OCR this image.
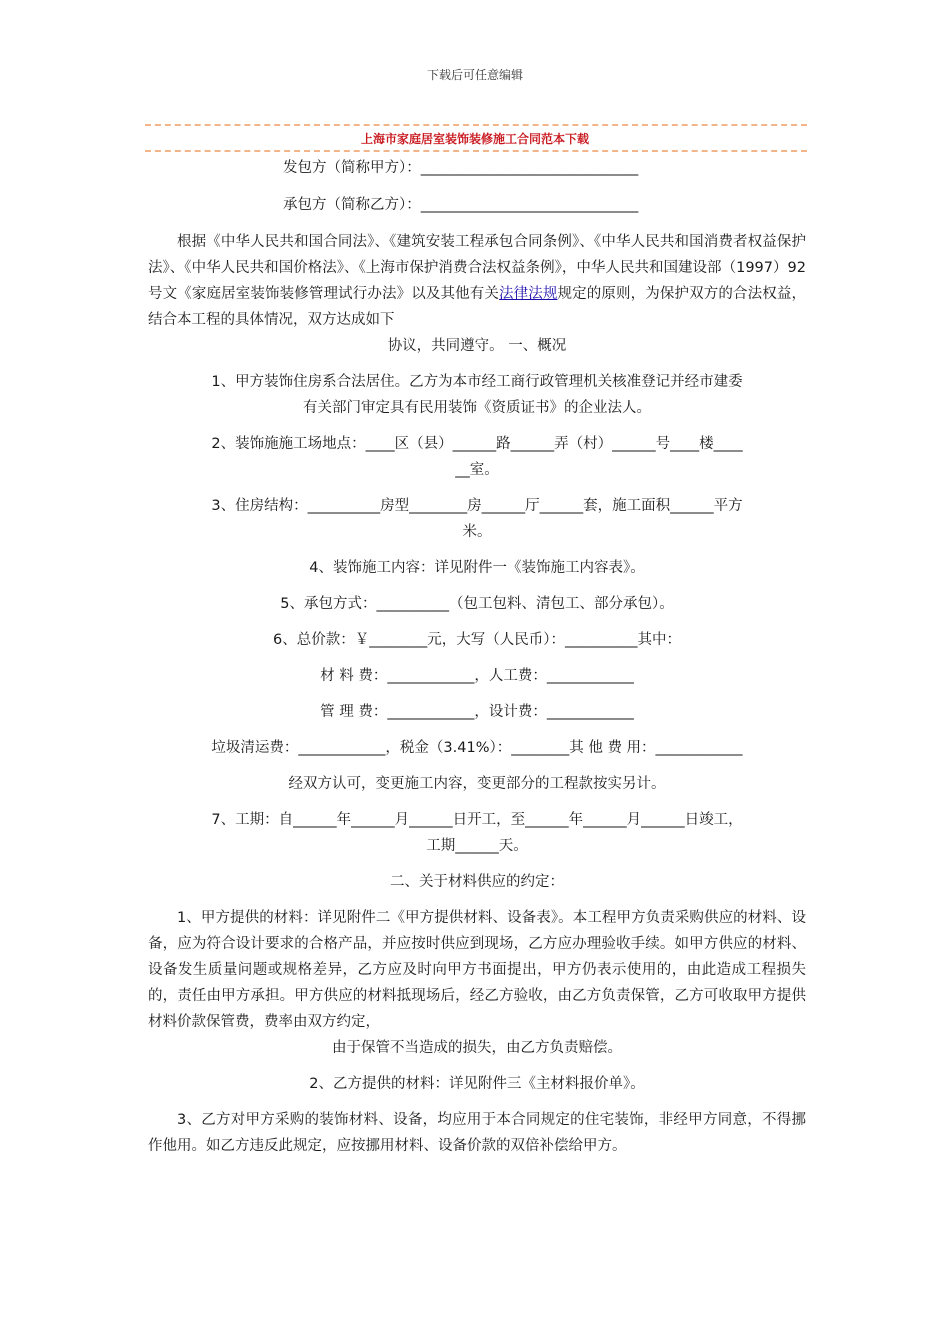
下载后可任意编辑
上海市家庭居室装饰装修施工合同范本下载

发包方（简称甲方）：______________________________

承包方（简称乙方）：______________________________

根据《中华人民共和国合同法》、《建筑安装工程承包合同条例》、《中华人民共和国消费者权益保护法》、《中华人民共和国价格法》、《上海市保护消费合法权益条例》，中华人民共和国建设部（1997）92号文《家庭居室装饰装修管理试行办法》以及其他有关法律法规规定的原则，为保护双方的合法权益，结合本工程的具体情况，双方达成如下

协议，共同遵守。 一、概况

1、甲方装饰住房系合法居住。乙方为本市经工商行政管理机关核准登记并经市建委

有关部门审定具有民用装饰《资质证书》的企业法人。

2、装饰施施工场地点：____区（县）______路______弄（村）______号____楼____

__室。

3、住房结构：__________房型________房______厅______套，施工面积______平方

米。

4、装饰施工内容：详见附件一《装饰施工内容表》。

5、承包方式：__________（包工包料、清包工、部分承包）。

6、总价款：￥________元，大写（人民币）：__________其中：

材 料 费：____________，人工费：____________

管 理 费：____________，设计费：____________

垃圾清运费：____________，税金（3.41%）：________其 他 费 用：____________

经双方认可，变更施工内容，变更部分的工程款按实另计。

7、工期：自______年______月______日开工，至______年______月______日竣工，

工期______天。

二、关于材料供应的约定：

1、甲方提供的材料：详见附件二《甲方提供材料、设备表》。本工程甲方负责采购供应的材料、设备，应为符合设计要求的合格产品，并应按时供应到现场，乙方应办理验收手续。如甲方供应的材料、设备发生质量问题或规格差异，乙方应及时向甲方书面提出，甲方仍表示使用的，由此造成工程损失的，责任由甲方承担。甲方供应的材料抵现场后，经乙方验收，由乙方负责保管，乙方可收取甲方提供材料价款保管费，费率由双方约定，

由于保管不当造成的损失，由乙方负责赔偿。

2、乙方提供的材料：详见附件三《主材料报价单》。

3、乙方对甲方采购的装饰材料、设备，均应用于本合同规定的住宅装饰，非经甲方同意，不得挪作他用。如乙方违反此规定，应按挪用材料、设备价款的双倍补偿给甲方。
